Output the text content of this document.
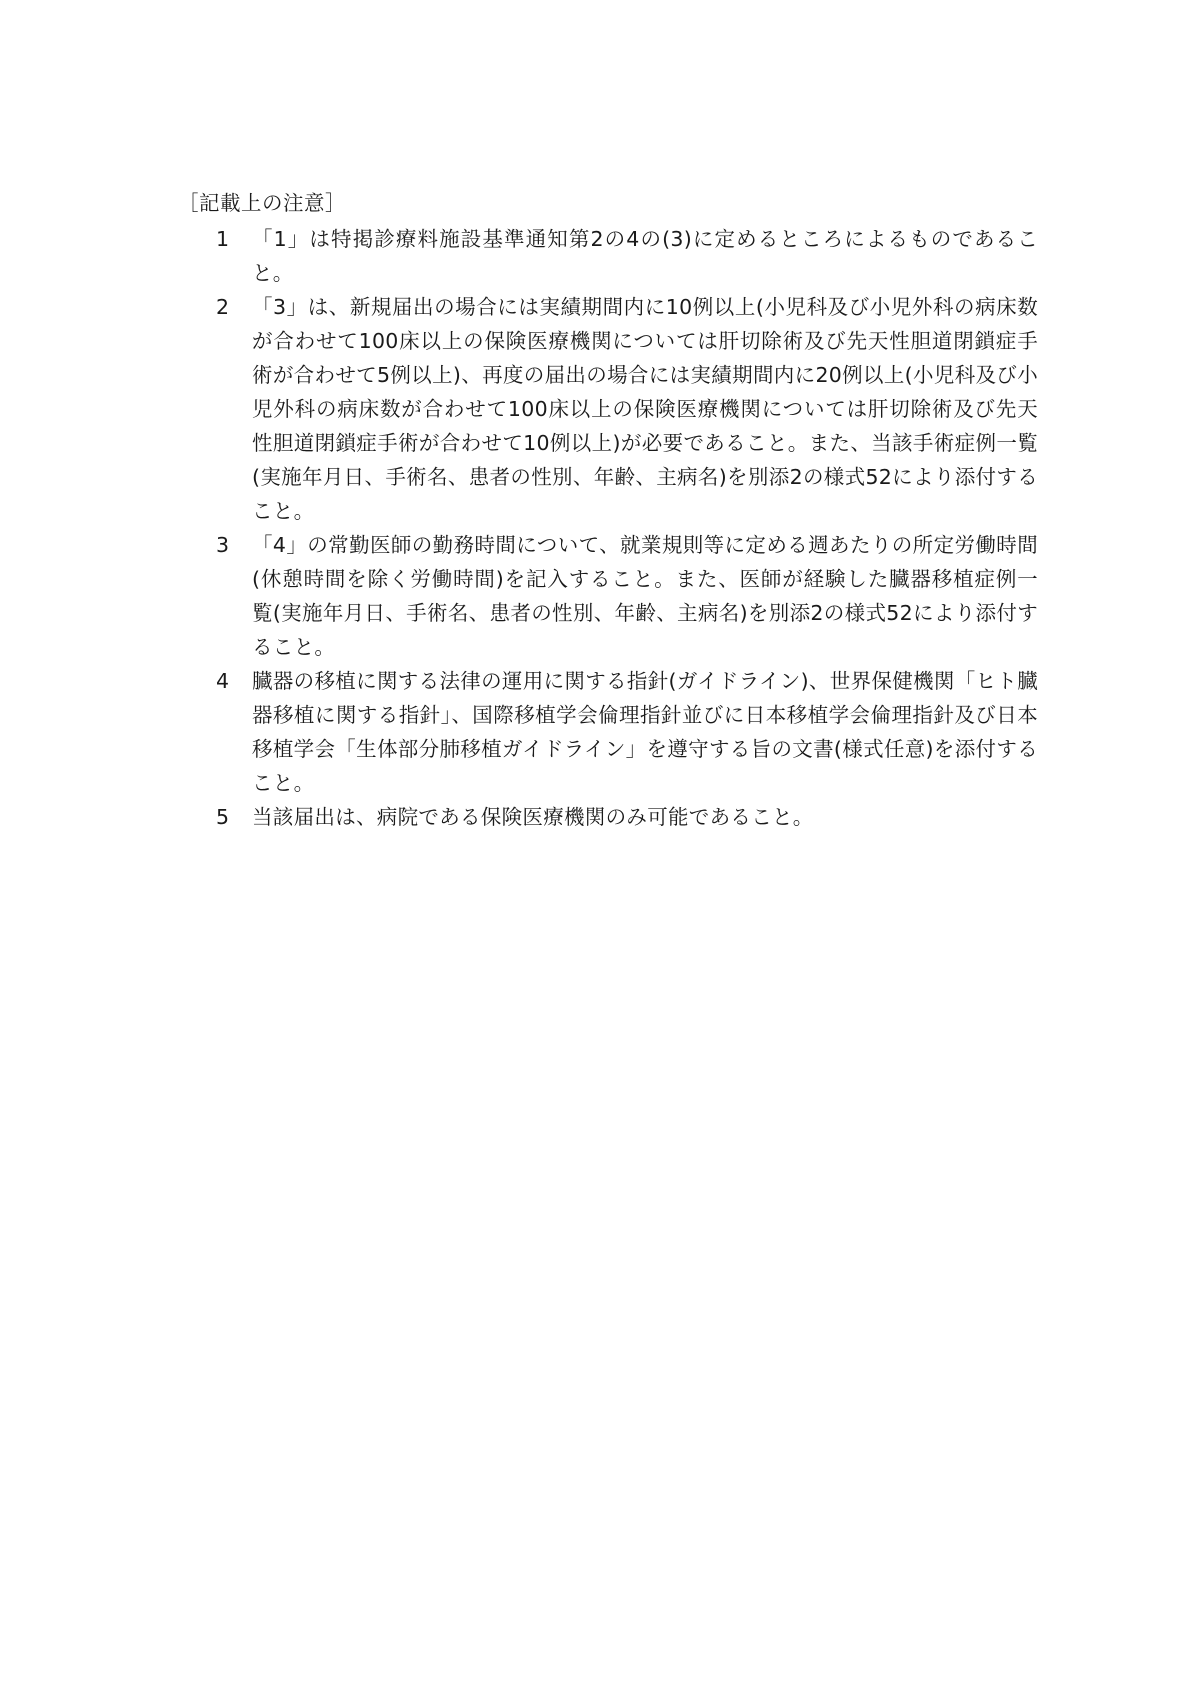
［記載上の注意］
1	「1」は特掲診療料施設基準通知第2の4の(3)に定めるところによるものであること。
2	「3」は、新規届出の場合には実績期間内に10例以上(小児科及び小児外科の病床数が合わせて100床以上の保険医療機関については肝切除術及び先天性胆道閉鎖症手術が合わせて5例以上)、再度の届出の場合には実績期間内に20例以上(小児科及び小児外科の病床数が合わせて100床以上の保険医療機関については肝切除術及び先天性胆道閉鎖症手術が合わせて10例以上)が必要であること。また、当該手術症例一覧(実施年月日、手術名、患者の性別、年齢、主病名)を別添2の様式52により添付すること。
3	「4」の常勤医師の勤務時間について、就業規則等に定める週あたりの所定労働時間(休憩時間を除く労働時間)を記入すること。また、医師が経験した臓器移植症例一覧(実施年月日、手術名、患者の性別、年齢、主病名)を別添2の様式52により添付すること。
4	臓器の移植に関する法律の運用に関する指針(ガイドライン)、世界保健機関「ヒト臓器移植に関する指針」、国際移植学会倫理指針並びに日本移植学会倫理指針及び日本移植学会「生体部分肺移植ガイドライン」を遵守する旨の文書(様式任意)を添付すること。
5	当該届出は、病院である保険医療機関のみ可能であること。
